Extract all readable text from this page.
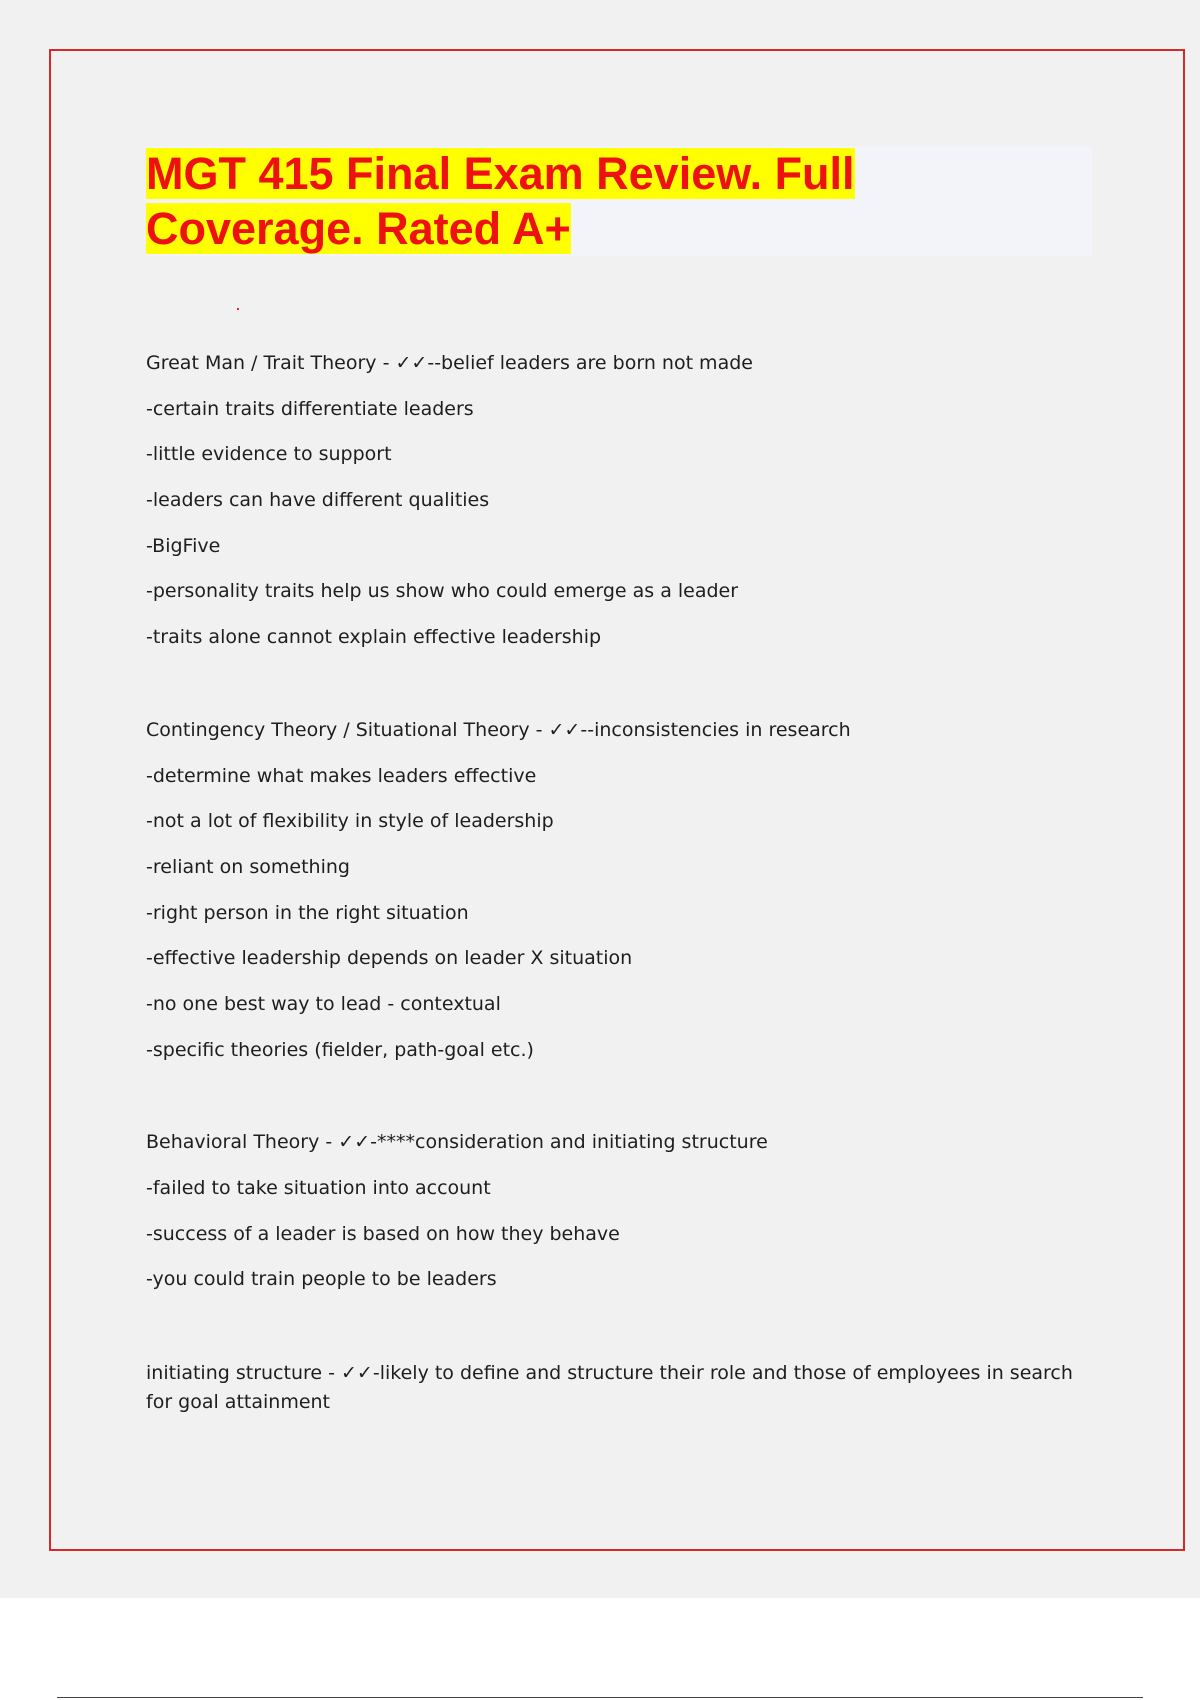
MGT 415 Final Exam Review. Full
Coverage. Rated A+

Great Man / Trait Theory - ✓✓--belief leaders are born not made

-certain traits differentiate leaders

-little evidence to support

-leaders can have different qualities

-BigFive

-personality traits help us show who could emerge as a leader

-traits alone cannot explain effective leadership

Contingency Theory / Situational Theory - ✓✓--inconsistencies in research

-determine what makes leaders effective

-not a lot of flexibility in style of leadership

-reliant on something

-right person in the right situation

-effective leadership depends on leader X situation

-no one best way to lead - contextual

-specific theories (fielder, path-goal etc.)

Behavioral Theory - ✓✓-****consideration and initiating structure

-failed to take situation into account

-success of a leader is based on how they behave

-you could train people to be leaders

initiating structure - ✓✓-likely to define and structure their role and those of employees in search for goal attainment
